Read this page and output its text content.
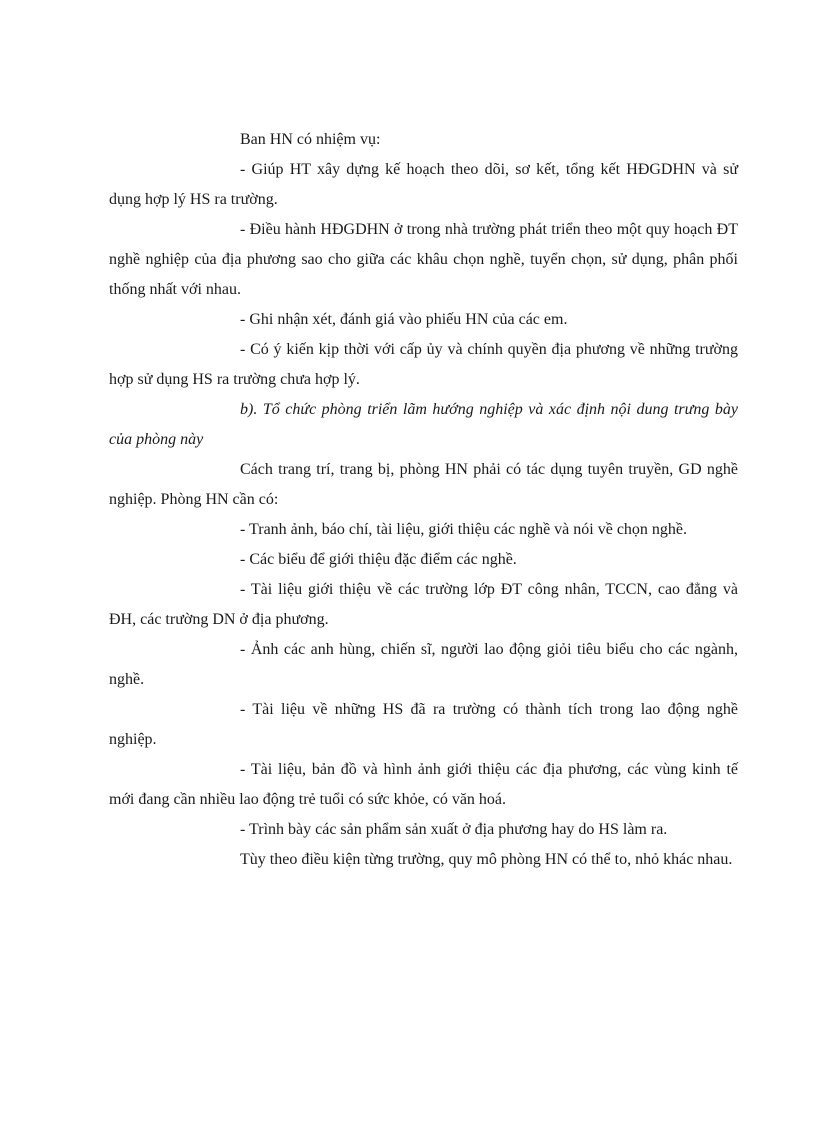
Ban HN có nhiệm vụ:

- Giúp HT xây dựng kế hoạch theo dõi, sơ kết, tổng kết HĐGDHN và sử dụng hợp lý HS ra trường.

- Điều hành HĐGDHN ở trong nhà trường phát triển theo một quy hoạch ĐT nghề nghiệp của địa phương sao cho giữa các khâu chọn nghề, tuyển chọn, sử dụng, phân phối thống nhất với nhau.

- Ghi nhận xét, đánh giá vào phiếu HN của các em.

- Có ý kiến kịp thời với cấp ủy và chính quyền địa phương về những trường hợp sử dụng HS ra trường chưa hợp lý.

b). Tổ chức phòng triển lãm hướng nghiệp và xác định nội dung trưng bày của phòng này

Cách trang trí, trang bị, phòng HN phải có tác dụng tuyên truyền, GD nghề nghiệp. Phòng HN cần có:

- Tranh ảnh, báo chí, tài liệu, giới thiệu các nghề và nói về chọn nghề.

- Các biểu để giới thiệu đặc điểm các nghề.

- Tài liệu giới thiệu về các trường lớp ĐT công nhân, TCCN, cao đẳng và ĐH, các trường DN ở địa phương.

- Ảnh các anh hùng, chiến sĩ, người lao động giỏi tiêu biểu cho các ngành, nghề.

- Tài liệu về những HS đã ra trường có thành tích trong lao động nghề nghiệp.

- Tài liệu, bản đồ và hình ảnh giới thiệu các địa phương, các vùng kinh tế mới đang cần nhiều lao động trẻ tuổi có sức khỏe, có văn hoá.

- Trình bày các sản phẩm sản xuất ở địa phương hay do HS làm ra.

Tùy theo điều kiện từng trường, quy mô phòng HN có thể to, nhỏ khác nhau.
